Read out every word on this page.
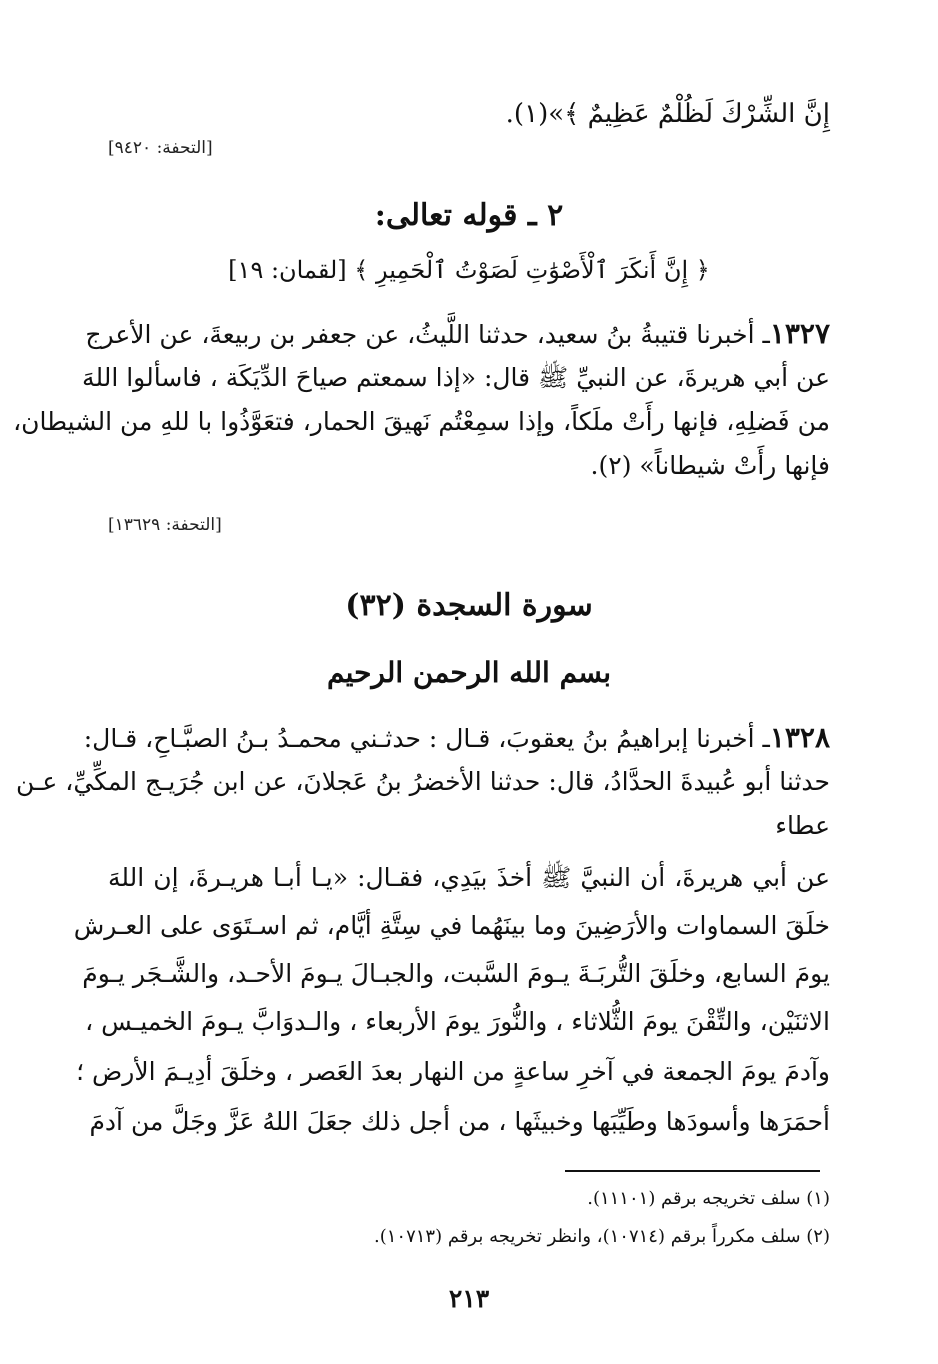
إِنَّ الشِّرْكَ لَظُلْمٌ عَظِيمٌ ﴾»(١).
[التحفة: ٩٤٢٠]
٢ ـ قوله تعالى:
﴿ إِنَّ أَنكَرَ ٱلْأَصْوَٰتِ لَصَوْتُ ٱلْحَمِيرِ ﴾ [لقمان: ١٩]
١٣٢٧ـ أخبرنا قتيبةُ بنُ سعيد، حدثنا اللَّيثُ، عن جعفر بن ربيعةَ، عن الأعرج
عن أبي هريرةَ، عن النبيِّ ﷺ قال: «إذا سمعتم صياحَ الدِّيَكَة ، فاسألوا اللهَ
من فَضلِهِ، فإنها رأَتْ ملَكاً، وإذا سمِعْتُم نَهيقَ الحمار، فتعَوَّذُوا با للهِ من الشيطان،
فإنها رأَتْ شيطاناً» (٢).
[التحفة: ١٣٦٢٩]
سورة السجدة (٣٢)
بسم الله الرحمن الرحيم
١٣٢٨ـ أخبرنا إبراهيمُ بنُ يعقوبَ، قـال : حدثـني محمـدُ بـنُ الصبَّـاحِ، قـال:
حدثنا أبو عُبيدةَ الحدَّادُ، قال: حدثنا الأخضرُ بنُ عَجلانَ، عن ابن جُرَيـج المكِّيِّ، عـن
عطاء
عن أبي هريرةَ، أن النبيَّ ﷺ أخذَ بيَدِي، فقـال: «يـا أبـا هريـرةَ، إن اللهَ
خلَقَ السماوات والأرَضِينَ وما بينَهُما في سِتَّةِ أيَّام، ثم اسـتَوَى على العـرش
يومَ السابع، وخلَقَ التُّربَـةَ يـومَ السَّبت، والجبـالَ يـومَ الأحـد، والشَّـجَر يـومَ
الاثنَيْن، والتِّقْنَ يومَ الثُّلاثاء ، والنُّورَ يومَ الأربعاء ، والـدوَابَّ يـومَ الخميـس ،
وآدمَ يومَ الجمعة في آخرِ ساعةٍ من النهار بعدَ العَصر ، وخلَقَ أدِيـمَ الأرض ؛
أحمَرَها وأسودَها وطَيِّبَها وخبيثَها ، من أجل ذلك جعَلَ اللهُ عَزَّ وجَلَّ من آدمَ
(١) سلف تخريجه برقم (١١١٠١).
(٢) سلف مكرراً برقم (١٠٧١٤)، وانظر تخريجه برقم (١٠٧١٣).
٢١٣
